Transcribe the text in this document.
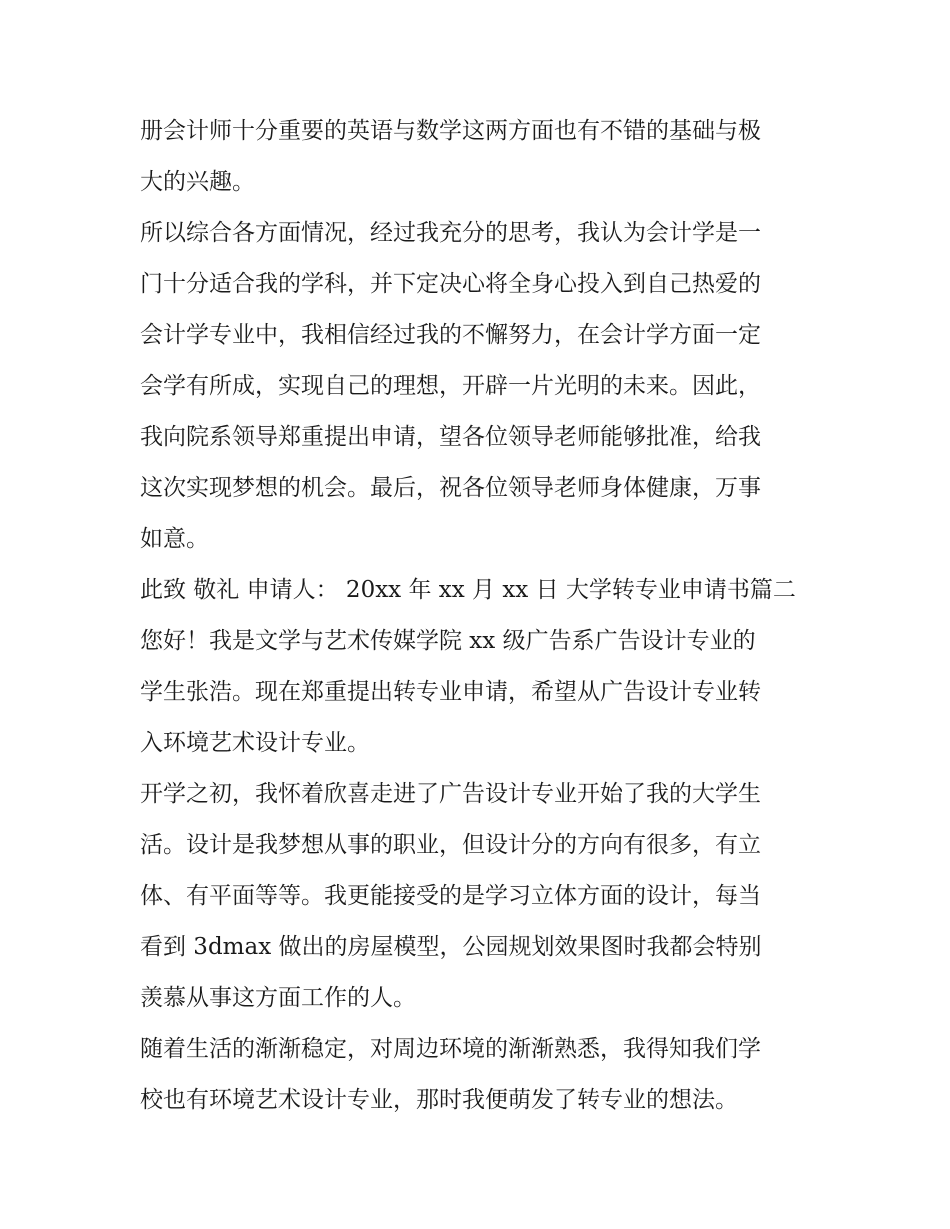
册会计师十分重要的英语与数学这两方面也有不错的基础与极
大的兴趣。
所以综合各方面情况，经过我充分的思考，我认为会计学是一
门十分适合我的学科，并下定决心将全身心投入到自己热爱的
会计学专业中，我相信经过我的不懈努力，在会计学方面一定
会学有所成，实现自己的理想，开辟一片光明的未来。因此，
我向院系领导郑重提出申请，望各位领导老师能够批准，给我
这次实现梦想的机会。最后，祝各位领导老师身体健康，万事
如意。
此致 敬礼 申请人： 20xx 年 xx 月 xx 日 大学转专业申请书篇二
您好！我是文学与艺术传媒学院 xx 级广告系广告设计专业的
学生张浩。现在郑重提出转专业申请，希望从广告设计专业转
入环境艺术设计专业。
开学之初，我怀着欣喜走进了广告设计专业开始了我的大学生
活。设计是我梦想从事的职业，但设计分的方向有很多，有立
体、有平面等等。我更能接受的是学习立体方面的设计，每当
看到 3dmax 做出的房屋模型，公园规划效果图时我都会特别
羡慕从事这方面工作的人。
随着生活的渐渐稳定，对周边环境的渐渐熟悉，我得知我们学
校也有环境艺术设计专业，那时我便萌发了转专业的想法。
